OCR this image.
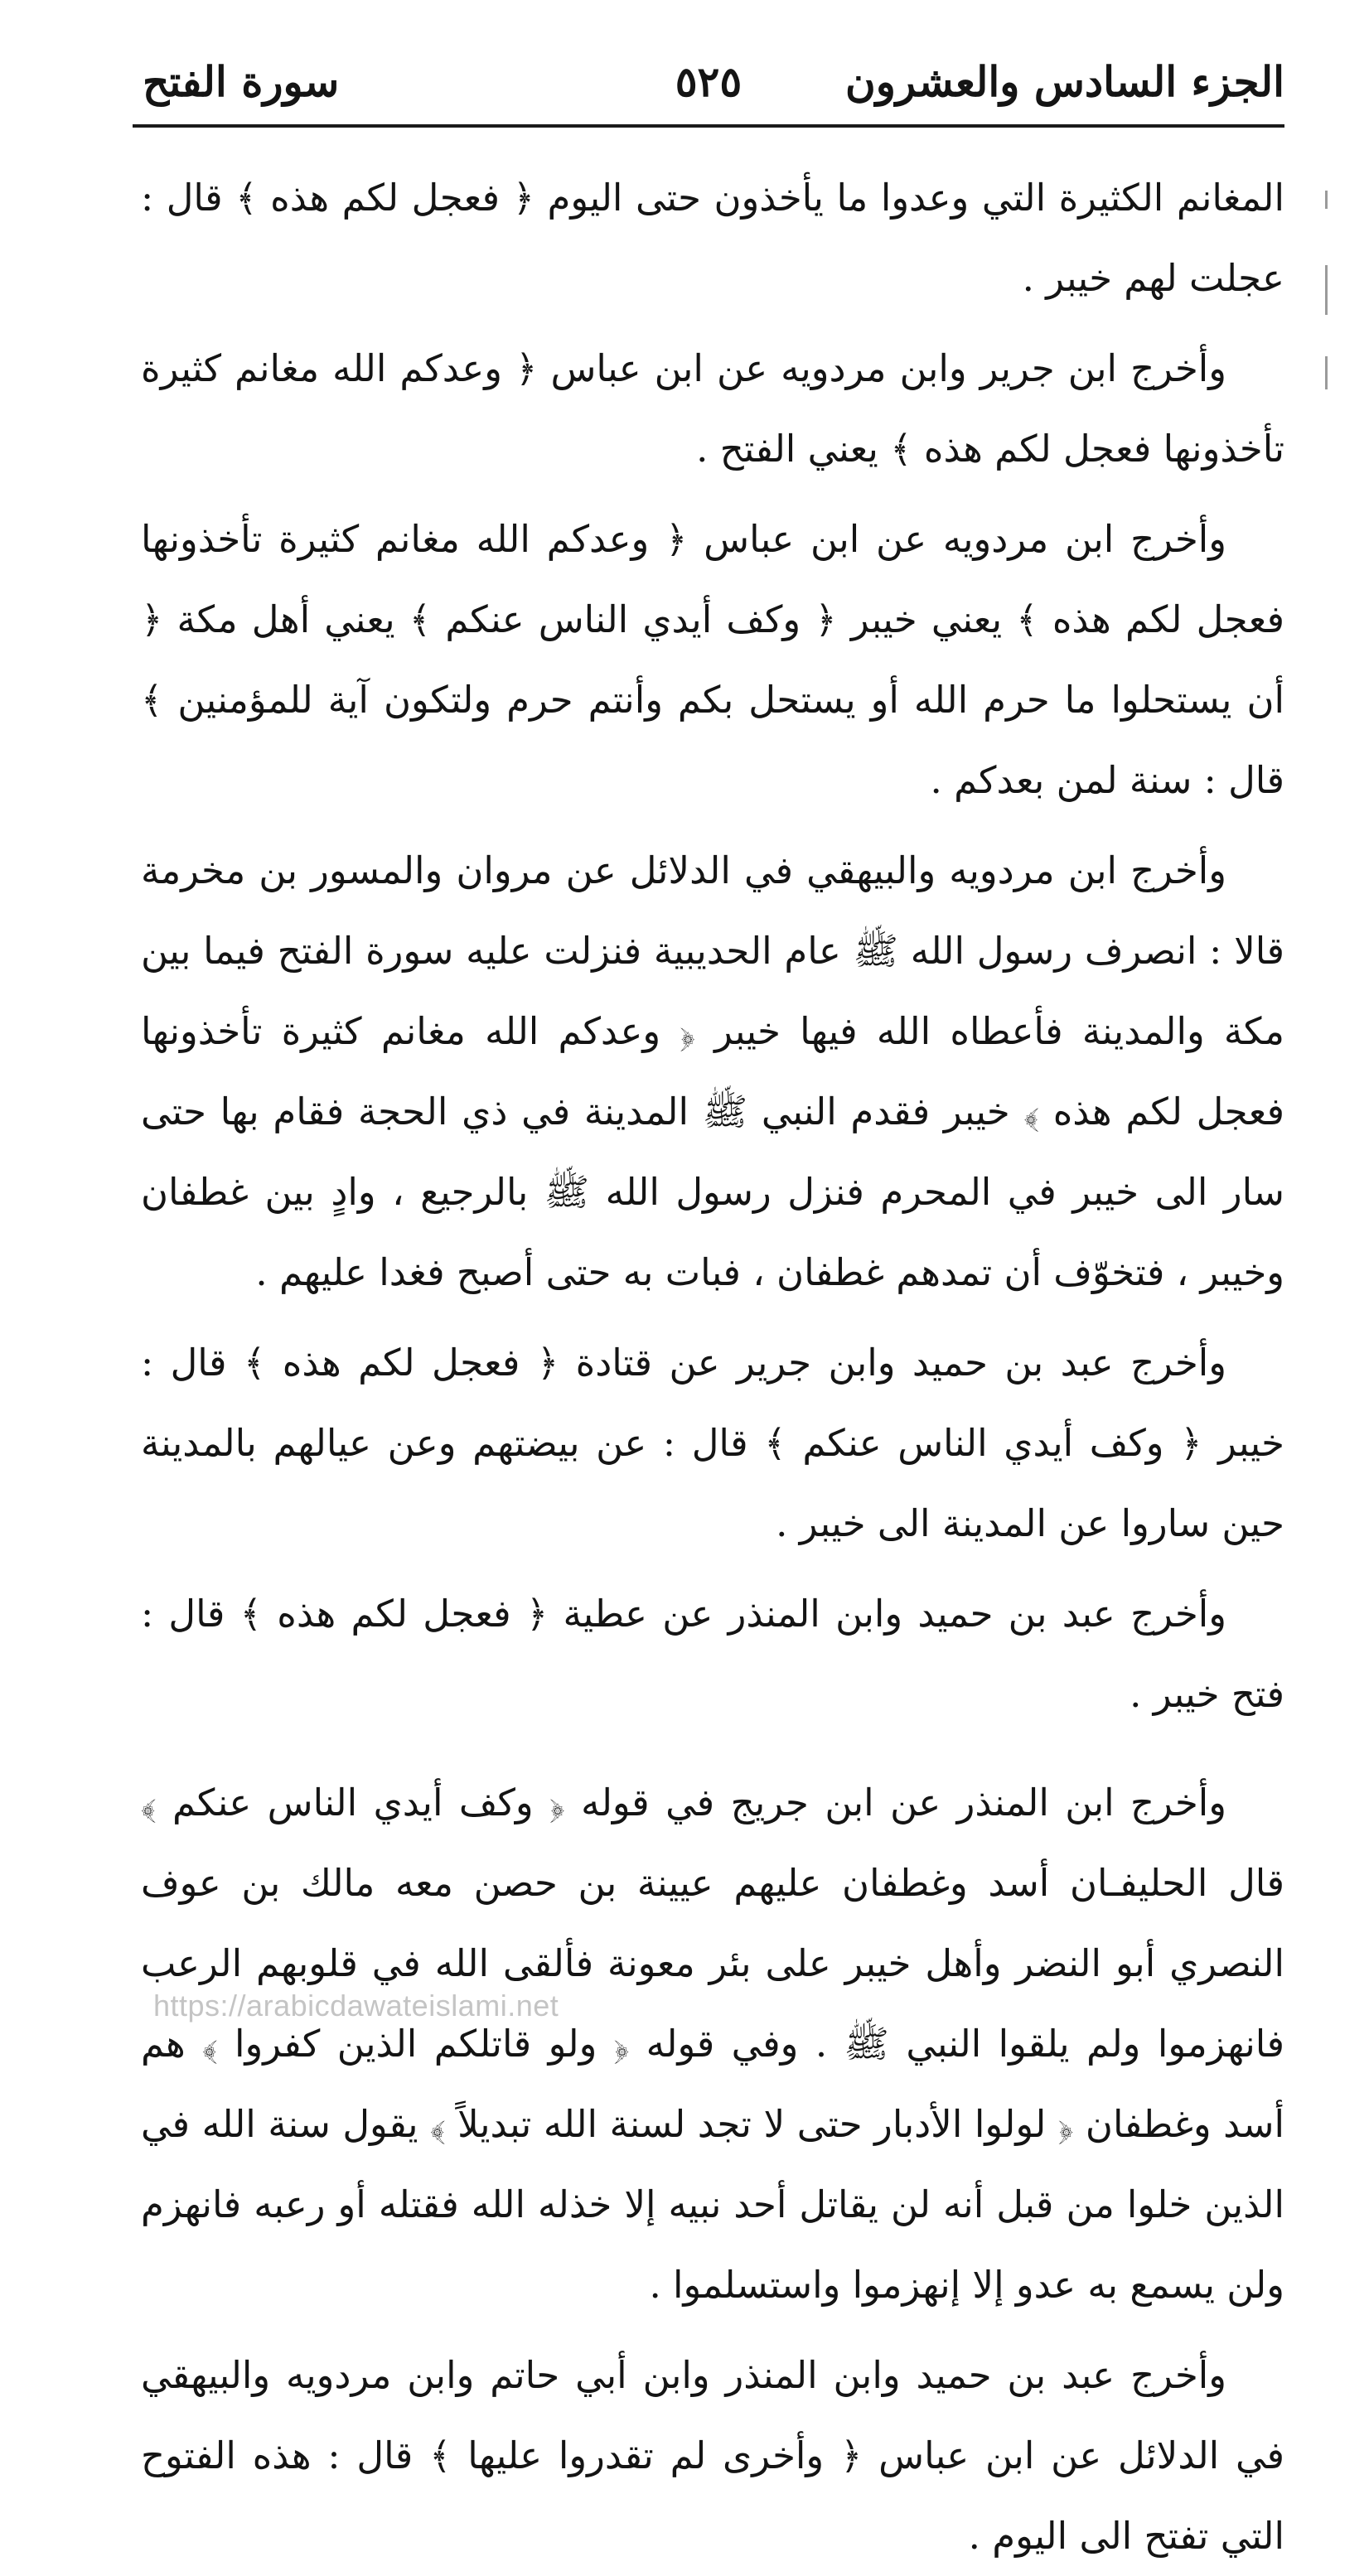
الجزء السادس والعشرون
٥٢٥
سورة الفتح

المغانم الكثيرة التي وعدوا ما يأخذون حتى اليوم ﴿ فعجل لكم هذه ﴾ قال : عجلت لهم خيبر .

وأخرج ابن جرير وابن مردويه عن ابن عباس ﴿ وعدكم الله مغانم كثيرة تأخذونها فعجل لكم هذه ﴾ يعني الفتح .

وأخرج ابن مردويه عن ابن عباس ﴿ وعدكم الله مغانم كثيرة تأخذونها فعجل لكم هذه ﴾ يعني خيبر ﴿ وكف أيدي الناس عنكم ﴾ يعني أهل مكة ﴿ أن يستحلوا ما حرم الله أو يستحل بكم وأنتم حرم ولتكون آية للمؤمنين ﴾ قال : سنة لمن بعدكم .

وأخرج ابن مردويه والبيهقي في الدلائل عن مروان والمسور بن مخرمة قالا : انصرف رسول الله ﷺ عام الحديبية فنزلت عليه سورة الفتح فيما بين مكة والمدينة فأعطاه الله فيها خيبر ﴿ وعدكم الله مغانم كثيرة تأخذونها فعجل لكم هذه ﴾ خيبر فقدم النبي ﷺ المدينة في ذي الحجة فقام بها حتى سار الى خيبر في المحرم فنزل رسول الله ﷺ بالرجيع ، وادٍ بين غطفان وخيبر ، فتخوّف أن تمدهم غطفان ، فبات به حتى أصبح فغدا عليهم .

وأخرج عبد بن حميد وابن جرير عن قتادة ﴿ فعجل لكم هذه ﴾ قال : خيبر ﴿ وكف أيدي الناس عنكم ﴾ قال : عن بيضتهم وعن عيالهم بالمدينة حين ساروا عن المدينة الى خيبر .

وأخرج عبد بن حميد وابن المنذر عن عطية ﴿ فعجل لكم هذه ﴾ قال : فتح خيبر .

وأخرج ابن المنذر عن ابن جريج في قوله ﴿ وكف أيدي الناس عنكم ﴾ قال الحليفـان أسد وغطفان عليهم عيينة بن حصن معه مالك بن عوف النصري أبو النضر وأهل خيبر على بئر معونة فألقى الله في قلوبهم الرعب فانهزموا ولم يلقوا النبي ﷺ . وفي قوله ﴿ ولو قاتلكم الذين كفروا ﴾ هم أسد وغطفان ﴿ لولوا الأدبار حتى لا تجد لسنة الله تبديلاً ﴾ يقول سنة الله في الذين خلوا من قبل أنه لن يقاتل أحد نبيه إلا خذله الله فقتله أو رعبه فانهزم ولن يسمع به عدو إلا إنهزموا واستسلموا .

وأخرج عبد بن حميد وابن المنذر وابن أبي حاتم وابن مردويه والبيهقي في الدلائل عن ابن عباس ﴿ وأخرى لم تقدروا عليها ﴾ قال : هذه الفتوح التي تفتح الى اليوم .

https://arabicdawateislami.net
